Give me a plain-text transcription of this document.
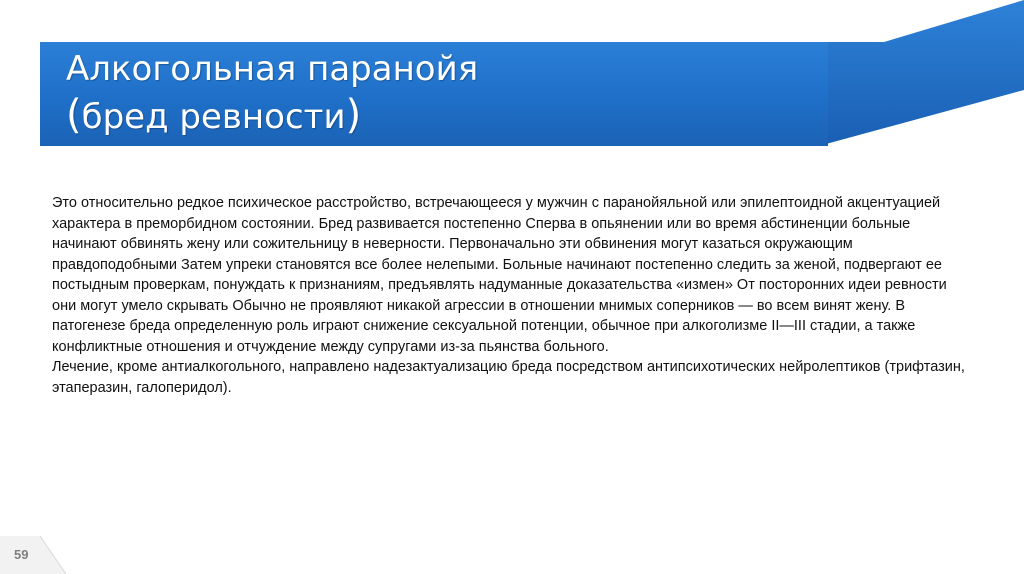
Алкогольная паранойя
(бред ревности)

Это относительно редкое психическое расстройство, встречающееся у мужчин с паранойяльной или эпилептоидной акцентуацией характера в преморбидном состоянии. Бред развивается постепенно Сперва в опьянении или во время абстиненции больные начинают обвинять жену или сожительницу в неверности. Первоначально эти обвинения могут казаться окружающим правдоподобными Затем упреки становятся все более нелепыми. Больные начинают постепенно следить за женой, подвергают ее постыдным проверкам, понуждать к признаниям, предъявлять надуманные доказательства «измен» От посторонних идеи ревности они могут умело скрывать Обычно не проявляют никакой агрессии в отношении мнимых соперников — во всем винят жену. В патогенезе бреда определенную роль играют снижение сексуальной потенции, обычное при алкоголизме II—III стадии, а также конфликтные отношения и отчуждение между супругами из-за пьянства больного.

Лечение, кроме антиалкогольного, направлено надезактуализацию бреда посредством антипсихотических нейролептиков (трифтазин, этаперазин, галоперидол).

59
